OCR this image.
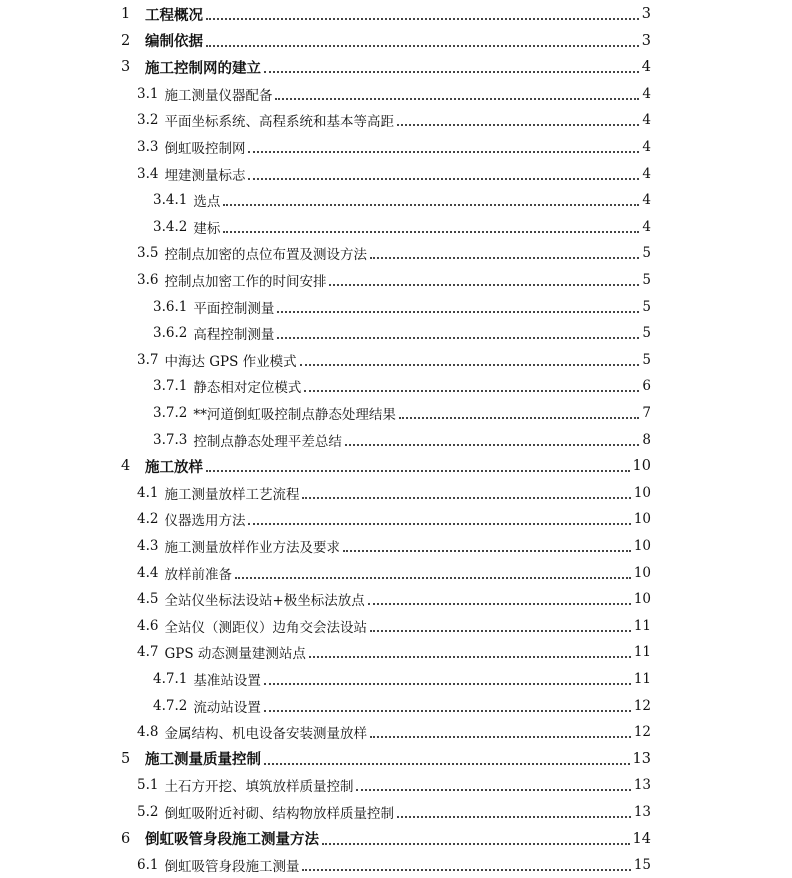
1	工程概况	3
2	编制依据	3
3	施工控制网的建立	4
3.1 施工测量仪器配备	4
3.2 平面坐标系统、高程系统和基本等高距	4
3.3 倒虹吸控制网	4
3.4 埋建测量标志	4
3.4.1 选点	4
3.4.2 建标	4
3.5 控制点加密的点位布置及测设方法	5
3.6 控制点加密工作的时间安排	5
3.6.1 平面控制测量	5
3.6.2 高程控制测量	5
3.7 中海达 GPS 作业模式	5
3.7.1 静态相对定位模式	6
3.7.2 **河道倒虹吸控制点静态处理结果	7
3.7.3 控制点静态处理平差总结	8
4	施工放样	10
4.1 施工测量放样工艺流程	10
4.2 仪器选用方法	10
4.3 施工测量放样作业方法及要求	10
4.4 放样前准备	10
4.5 全站仪坐标法设站+极坐标法放点	10
4.6 全站仪（测距仪）边角交会法设站	11
4.7 GPS 动态测量建测站点	11
4.7.1 基准站设置	11
4.7.2 流动站设置	12
4.8 金属结构、机电设备安装测量放样	12
5	施工测量质量控制	13
5.1 土石方开挖、填筑放样质量控制	13
5.2 倒虹吸附近衬砌、结构物放样质量控制	13
6	倒虹吸管身段施工测量方法	14
6.1 倒虹吸管身段施工测量	15
